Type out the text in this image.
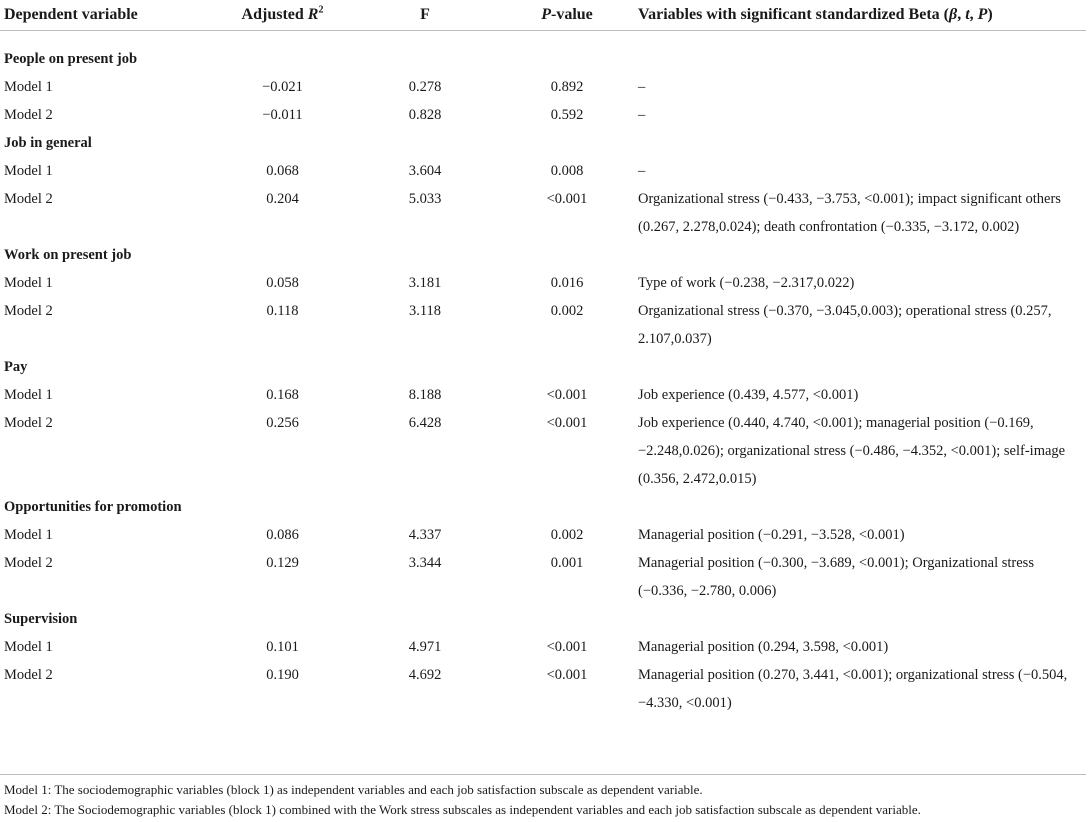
Dependent variable	Adjusted $R^2$	F	P-value	Variables with significant standardized Beta (β, t, P)

People on present job				
Model 1	−0.021	0.278	0.892	–
Model 2	−0.011	0.828	0.592	–
Job in general				
Model 1	0.068	3.604	0.008	–
Model 2	0.204	5.033	<0.001	Organizational stress (−0.433, −3.753, <0.001); impact significant others (0.267, 2.278,0.024); death confrontation (−0.335, −3.172, 0.002)
Work on present job				
Model 1	0.058	3.181	0.016	Type of work (−0.238, −2.317,0.022)
Model 2	0.118	3.118	0.002	Organizational stress (−0.370, −3.045,0.003); operational stress (0.257, 2.107,0.037)
Pay				
Model 1	0.168	8.188	<0.001	Job experience (0.439, 4.577, <0.001)
Model 2	0.256	6.428	<0.001	Job experience (0.440, 4.740, <0.001); managerial position (−0.169, −2.248,0.026); organizational stress (−0.486, −4.352, <0.001); self-image (0.356, 2.472,0.015)
Opportunities for promotion				
Model 1	0.086	4.337	0.002	Managerial position (−0.291, −3.528, <0.001)
Model 2	0.129	3.344	0.001	Managerial position (−0.300, −3.689, <0.001); Organizational stress (−0.336, −2.780, 0.006)
Supervision				
Model 1	0.101	4.971	<0.001	Managerial position (0.294, 3.598, <0.001)
Model 2	0.190	4.692	<0.001	Managerial position (0.270, 3.441, <0.001); organizational stress (−0.504, −4.330, <0.001)
Model 1: The sociodemographic variables (block 1) as independent variables and each job satisfaction subscale as dependent variable.
Model 2: The Sociodemographic variables (block 1) combined with the Work stress subscales as independent variables and each job satisfaction subscale as dependent variable.
